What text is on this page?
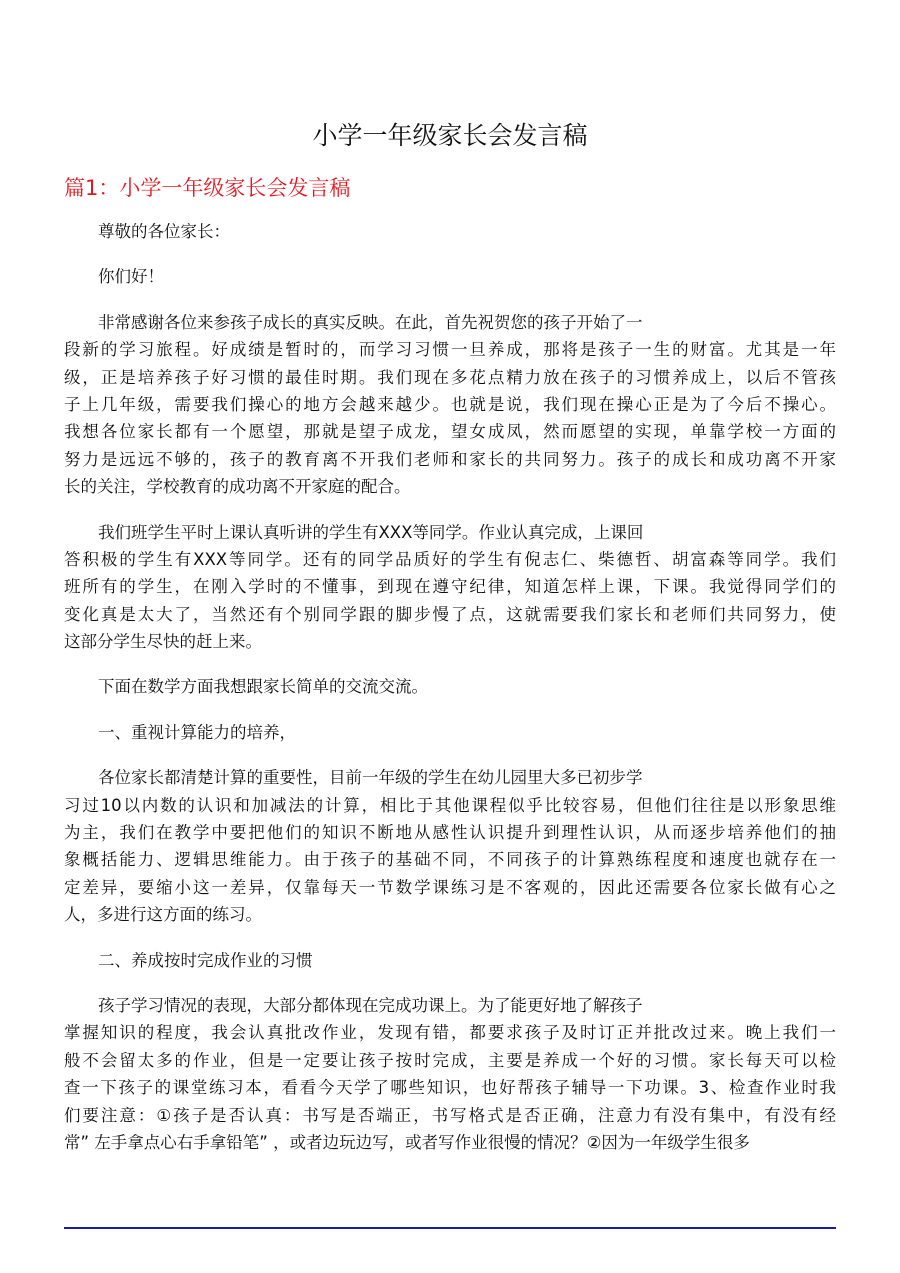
小学一年级家长会发言稿
篇1：小学一年级家长会发言稿
尊敬的各位家长：
你们好！
非常感谢各位来参孩子成长的真实反映。在此，首先祝贺您的孩子开始了一
段新的学习旅程。好成绩是暂时的，而学习习惯一旦养成，那将是孩子一生的财富。尤其是一年
级，正是培养孩子好习惯的最佳时期。我们现在多花点精力放在孩子的习惯养成上，以后不管孩
子上几年级，需要我们操心的地方会越来越少。也就是说，我们现在操心正是为了今后不操心。
我想各位家长都有一个愿望，那就是望子成龙，望女成凤，然而愿望的实现，单靠学校一方面的
努力是远远不够的，孩子的教育离不开我们老师和家长的共同努力。孩子的成长和成功离不开家
长的关注，学校教育的成功离不开家庭的配合。
我们班学生平时上课认真听讲的学生有XXX等同学。作业认真完成，上课回
答积极的学生有XXX等同学。还有的同学品质好的学生有倪志仁、柴德哲、胡富森等同学。我们
班所有的学生，在刚入学时的不懂事，到现在遵守纪律，知道怎样上课，下课。我觉得同学们的
变化真是太大了，当然还有个别同学跟的脚步慢了点，这就需要我们家长和老师们共同努力，使
这部分学生尽快的赶上来。
下面在数学方面我想跟家长简单的交流交流。
一、重视计算能力的培养，
各位家长都清楚计算的重要性，目前一年级的学生在幼儿园里大多已初步学
习过10以内数的认识和加减法的计算，相比于其他课程似乎比较容易，但他们往往是以形象思维
为主，我们在教学中要把他们的知识不断地从感性认识提升到理性认识，从而逐步培养他们的抽
象概括能力、逻辑思维能力。由于孩子的基础不同，不同孩子的计算熟练程度和速度也就存在一
定差异，要缩小这一差异，仅靠每天一节数学课练习是不客观的，因此还需要各位家长做有心之
人，多进行这方面的练习。
二、养成按时完成作业的习惯
孩子学习情况的表现，大部分都体现在完成功课上。为了能更好地了解孩子
掌握知识的程度，我会认真批改作业，发现有错，都要求孩子及时订正并批改过来。晚上我们一
般不会留太多的作业，但是一定要让孩子按时完成，主要是养成一个好的习惯。家长每天可以检
查一下孩子的课堂练习本，看看今天学了哪些知识，也好帮孩子辅导一下功课。3、检查作业时我
们要注意：①孩子是否认真：书写是否端正，书写格式是否正确，注意力有没有集中，有没有经
常” 左手拿点心右手拿铅笔” ，或者边玩边写，或者写作业很慢的情况？②因为一年级学生很多
